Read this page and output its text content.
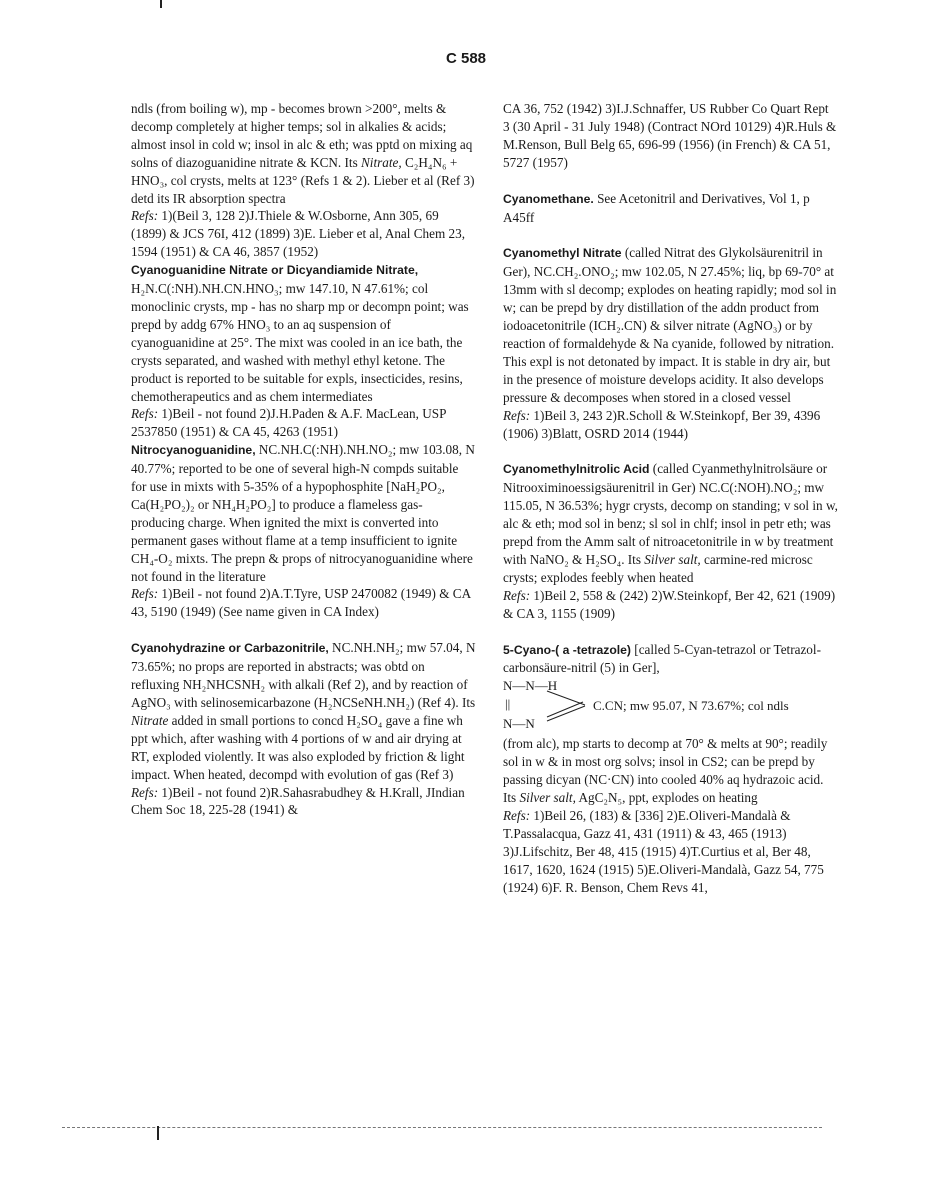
C 588

ndls (from boiling w), mp - becomes brown >200°, melts & decomp completely at higher temps; sol in alkalies & acids; almost insol in cold w; insol in alc & eth; was pptd on mixing aq solns of diazoguanidine nitrate & KCN. Its Nitrate, C₂H₄N₆ + HNO₃, col crysts, melts at 123° (Refs 1 & 2). Lieber et al (Ref 3) detd its IR absorption spectra

Refs: 1)(Beil 3, 128 2)J.Thiele & W.Osborne, Ann 305, 69 (1899) & JCS 76I, 412 (1899) 3)E. Lieber et al, Anal Chem 23, 1594 (1951) & CA 46, 3857 (1952)

Cyanoguanidine Nitrate or Dicyandiamide Nitrate, H₂N.C(:NH).NH.CN.HNO₃; mw 147.10, N 47.61%; col monoclinic crysts, mp - has no sharp mp or decompn point; was prepd by addg 67% HNO₃ to an aq suspension of cyanoguanidine at 25°. The mixt was cooled in an ice bath, the crysts separated, and washed with methyl ethyl ketone. The product is reported to be suitable for expls, insecticides, resins, chemotherapeutics and as chem intermediates

Refs: 1)Beil - not found 2)J.H.Paden & A.F. MacLean, USP 2537850 (1951) & CA 45, 4263 (1951)

Nitrocyanoguanidine, NC.NH.C(:NH).NH.NO₂; mw 103.08, N 40.77%; reported to be one of several high-N compds suitable for use in mixts with 5-35% of a hypophosphite [NaH₂PO₂, Ca(H₂PO₂)₂ or NH₄H₂PO₂] to produce a flameless gas-producing charge. When ignited the mixt is converted into permanent gases without flame at a temp insufficient to ignite CH₄-O₂ mixts. The prepn & props of nitrocyanoguanidine where not found in the literature

Refs: 1)Beil - not found 2)A.T.Tyre, USP 2470082 (1949) & CA 43, 5190 (1949) (See name given in CA Index)

Cyanohydrazine or Carbazonitrile, NC.NH.NH₂; mw 57.04, N 73.65%; no props are reported in abstracts; was obtd on refluxing NH₂NHCSNH₂ with alkali (Ref 2), and by reaction of AgNO₃ with selinosemicarbazone (H₂NCSeNH.NH₂) (Ref 4). Its Nitrate added in small portions to concd H₂SO₄ gave a fine wh ppt which, after washing with 4 portions of w and air drying at RT, exploded violently. It was also exploded by friction & light impact. When heated, decompd with evolution of gas (Ref 3)

Refs: 1)Beil - not found 2)R.Sahasrabudhey & H.Krall, JIndian Chem Soc 18, 225-28 (1941) &

CA 36, 752 (1942) 3)I.J.Schnaffer, US Rubber Co Quart Rept 3 (30 April - 31 July 1948) (Contract NOrd 10129) 4)R.Huls & M.Renson, Bull Belg 65, 696-99 (1956) (in French) & CA 51, 5727 (1957)

Cyanomethane. See Acetonitril and Derivatives, Vol 1, p A45ff

Cyanomethyl Nitrate (called Nitrat des Glykolsäurenitril in Ger), NC.CH₂.ONO₂; mw 102.05, N 27.45%; liq, bp 69-70° at 13mm with sl decomp; explodes on heating rapidly; mod sol in w; can be prepd by dry distillation of the addn product from iodoacetonitrile (ICH₂.CN) & silver nitrate (AgNO₃) or by reaction of formaldehyde & Na cyanide, followed by nitration. This expl is not detonated by impact. It is stable in dry air, but in the presence of moisture develops acidity. It also develops pressure & decomposes when stored in a closed vessel

Refs: 1)Beil 3, 243 2)R.Scholl & W.Steinkopf, Ber 39, 4396 (1906) 3)Blatt, OSRD 2014 (1944)

Cyanomethylnitrolic Acid (called Cyanmethylnitrolsäure or Nitrooximinoessigsäurenitril in Ger) NC.C(:NOH).NO₂; mw 115.05, N 36.53%; hygr crysts, decomp on standing; v sol in w, alc & eth; mod sol in benz; sl sol in chlf; insol in petr eth; was prepd from the Amm salt of nitroacetonitrile in w by treatment with NaNO₂ & H₂SO₄. Its Silver salt, carmine-red microsc crysts; explodes feebly when heated

Refs: 1)Beil 2, 558 & (242) 2)W.Steinkopf, Ber 42, 621 (1909) & CA 3, 1155 (1909)

5-Cyano-( a -tetrazole) [called 5-Cyan-tetrazol or Tetrazol-carbonsäure-nitril (5) in Ger],

N—N—H
||	C.CN; mw 95.07, N 73.67%; col ndls
N—N

(from alc), mp starts to decomp at 70° & melts at 90°; readily sol in w & in most org solvs; insol in CS2; can be prepd by passing dicyan (NC·CN) into cooled 40% aq hydrazoic acid. Its Silver salt, AgC₂N₅, ppt, explodes on heating

Refs: 1)Beil 26, (183) & [336] 2)E.Oliveri-Mandalà & T.Passalacqua, Gazz 41, 431 (1911) & 43, 465 (1913) 3)J.Lifschitz, Ber 48, 415 (1915) 4)T.Curtius et al, Ber 48, 1617, 1620, 1624 (1915) 5)E.Oliveri-Mandalà, Gazz 54, 775 (1924) 6)F. R. Benson, Chem Revs 41,
